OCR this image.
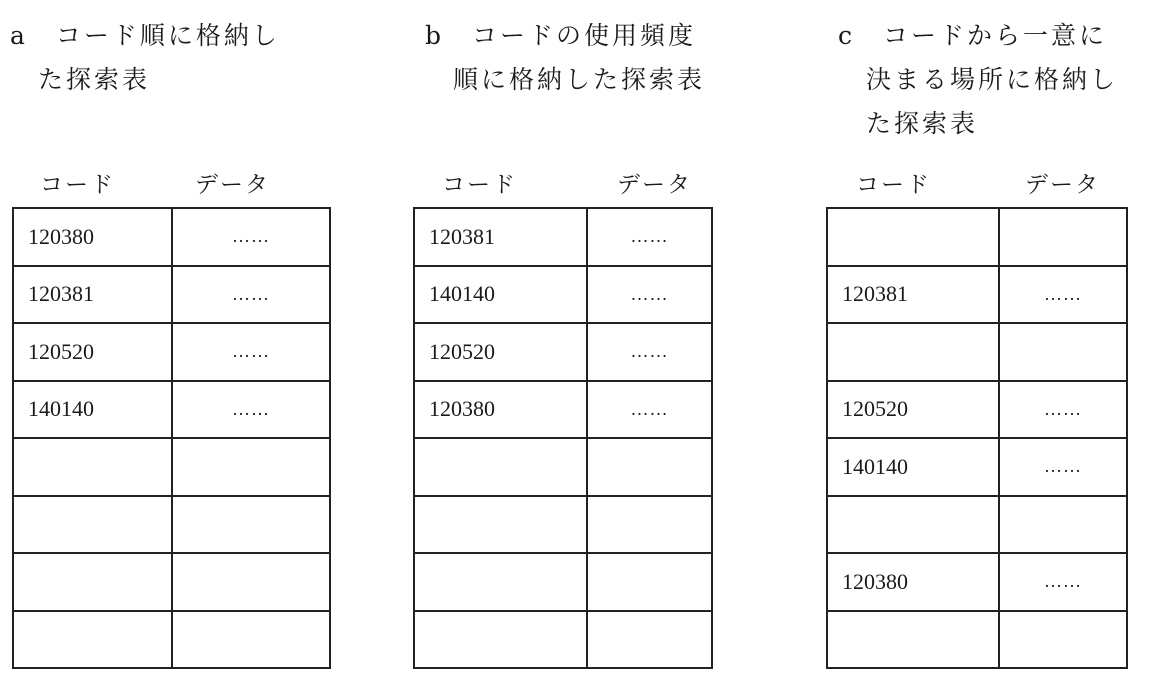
a　コード順に格納し
　た探索表
コード	データ
120380	……
120381	……
120520	……
140140	……

b　コードの使用頻度
　順に格納した探索表
コード	データ
120381	……
140140	……
120520	……
120380	……

c　コードから一意に
　決まる場所に格納し
　た探索表
コード	データ

120381	……

120520	……
140140	……

120380	……
